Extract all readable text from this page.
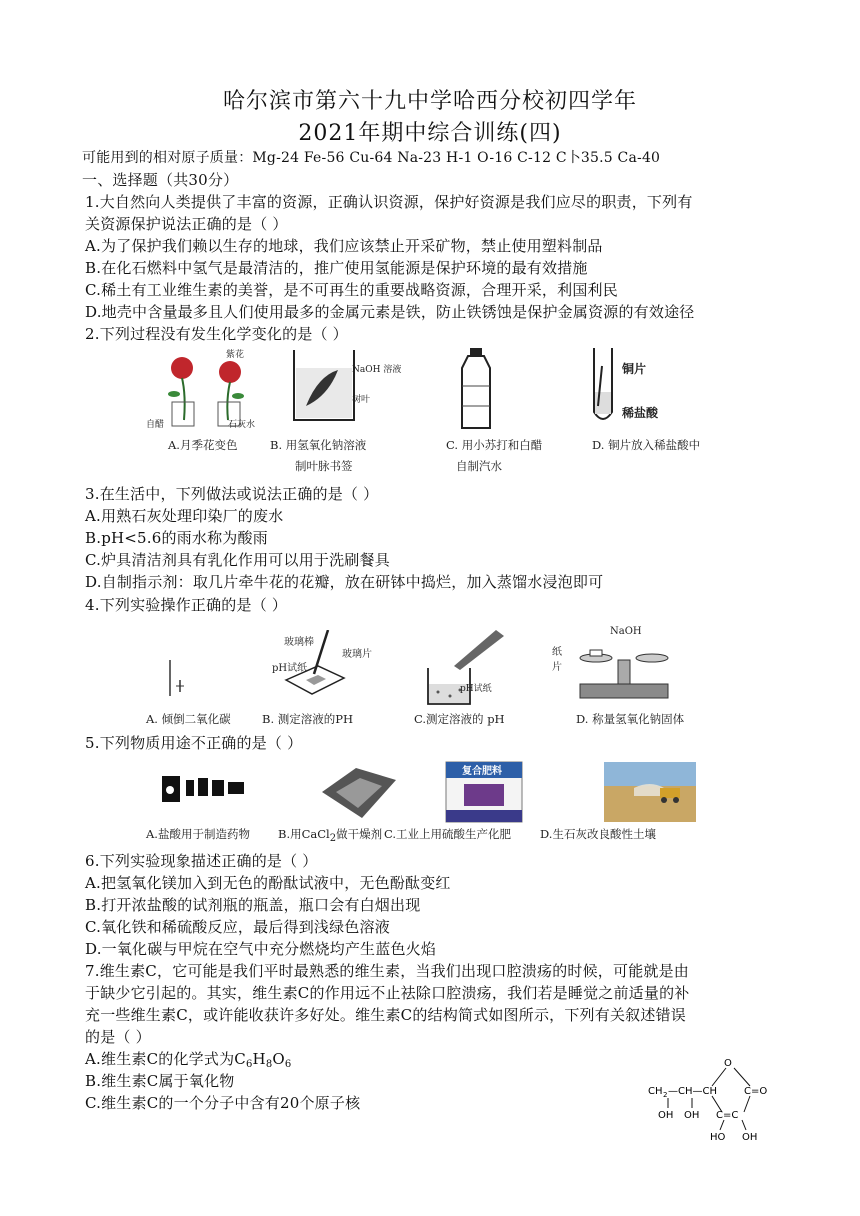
哈尔滨市第六十九中学哈西分校初四学年
2021年期中综合训练(四)
可能用到的相对原子质量：Mg-24 Fe-56 Cu-64 Na-23 H-1 O-16 C-12 C卜35.5 Ca-40
一、选择题（共30分）
1.大自然向人类提供了丰富的资源，正确认识资源，保护好资源是我们应尽的职责，下列有
关资源保护说法正确的是（ ）
A.为了保护我们赖以生存的地球，我们应该禁止开采矿物，禁止使用塑料制品
B.在化石燃料中氢气是最清洁的，推广使用氢能源是保护环境的最有效措施
C.稀土有工业维生素的美誉，是不可再生的重要战略资源，合理开采，利国利民
D.地壳中含量最多且人们使用最多的金属元素是铁，防止铁锈蚀是保护金属资源的有效途径
2.下列过程没有发生化学变化的是（ ）
自醋	石灰水
紫花
A.月季花变色
NaOH 溶液
树叶
B. 用氢氧化钠溶液
制叶脉书签
C. 用小苏打和白醋
自制汽水
铜片
稀盐酸
D. 铜片放入稀盐酸中
3.在生活中，下列做法或说法正确的是（ ）
A.用熟石灰处理印染厂的废水
B.pH<5.6的雨水称为酸雨
C.炉具清洁剂具有乳化作用可以用于洗刷餐具
D.自制指示剂：取几片牵牛花的花瓣，放在研钵中捣烂，加入蒸馏水浸泡即可
4.下列实验操作正确的是（ ）
玻璃棒
玻璃片
pH试纸
pH试纸
NaOH
纸片
A. 倾倒二氧化碳	B. 测定溶液的PH	C.测定溶液的 pH	D. 称量氢氧化钠固体
5.下列物质用途不正确的是（ ）
复合肥料
A.盐酸用于制造药物 B.用CaCl2做干燥剂 C.工业上用硫酸生产化肥	D.生石灰改良酸性土壤
6.下列实验现象描述正确的是（ ）
A.把氢氧化镁加入到无色的酚酞试液中，无色酚酞变红
B.打开浓盐酸的试剂瓶的瓶盖，瓶口会有白烟出现
C.氧化铁和稀硫酸反应，最后得到浅绿色溶液
D.一氧化碳与甲烷在空气中充分燃烧均产生蓝色火焰
7.维生素C，它可能是我们平时最熟悉的维生素，当我们出现口腔溃疡的时候，可能就是由
于缺少它引起的。其实，维生素C的作用远不止祛除口腔溃疡，我们若是睡觉之前适量的补
充一些维生素C，或许能收获许多好处。维生素C的结构简式如图所示，下列有关叙述错误
的是（ ）
A.维生素C的化学式为$C_6H_8O_6$
B.维生素C属于氧化物
C.维生素C的一个分子中含有20个原子核
O
CH 2 —CH—CH	C=O
OH OH C=C
HO OH
